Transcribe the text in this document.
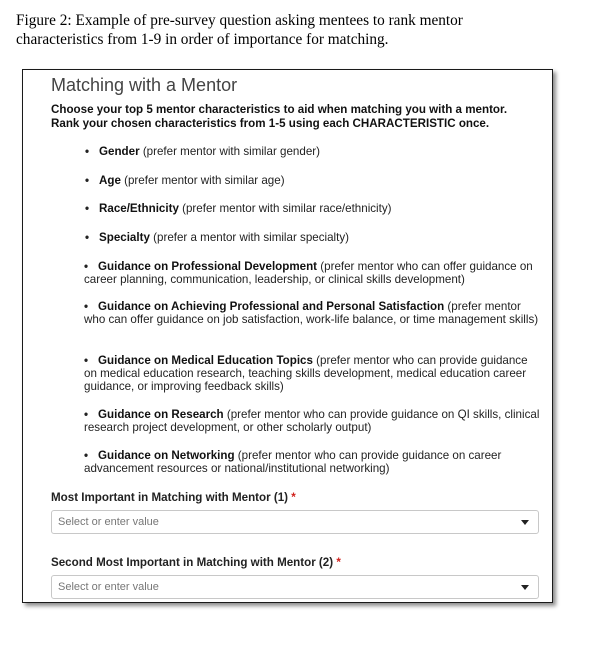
Figure 2: Example of pre-survey question asking mentees to rank mentor
characteristics from 1-9 in order of importance for matching.
Matching with a Mentor
Choose your top 5 mentor characteristics to aid when matching you with a mentor.
Rank your chosen characteristics from 1-5 using each CHARACTERISTIC once.
• Gender (prefer mentor with similar gender)
• Age (prefer mentor with similar age)
• Race/Ethnicity (prefer mentor with similar race/ethnicity)
• Specialty (prefer a mentor with similar specialty)
• Guidance on Professional Development (prefer mentor who can offer guidance on career planning, communication, leadership, or clinical skills development)
• Guidance on Achieving Professional and Personal Satisfaction (prefer mentor who can offer guidance on job satisfaction, work-life balance, or time management skills)
• Guidance on Medical Education Topics (prefer mentor who can provide guidance on medical education research, teaching skills development, medical education career guidance, or improving feedback skills)
• Guidance on Research (prefer mentor who can provide guidance on QI skills, clinical research project development, or other scholarly output)
• Guidance on Networking (prefer mentor who can provide guidance on career advancement resources or national/institutional networking)
Most Important in Matching with Mentor (1) *
Select or enter value
Second Most Important in Matching with Mentor (2) *
Select or enter value
